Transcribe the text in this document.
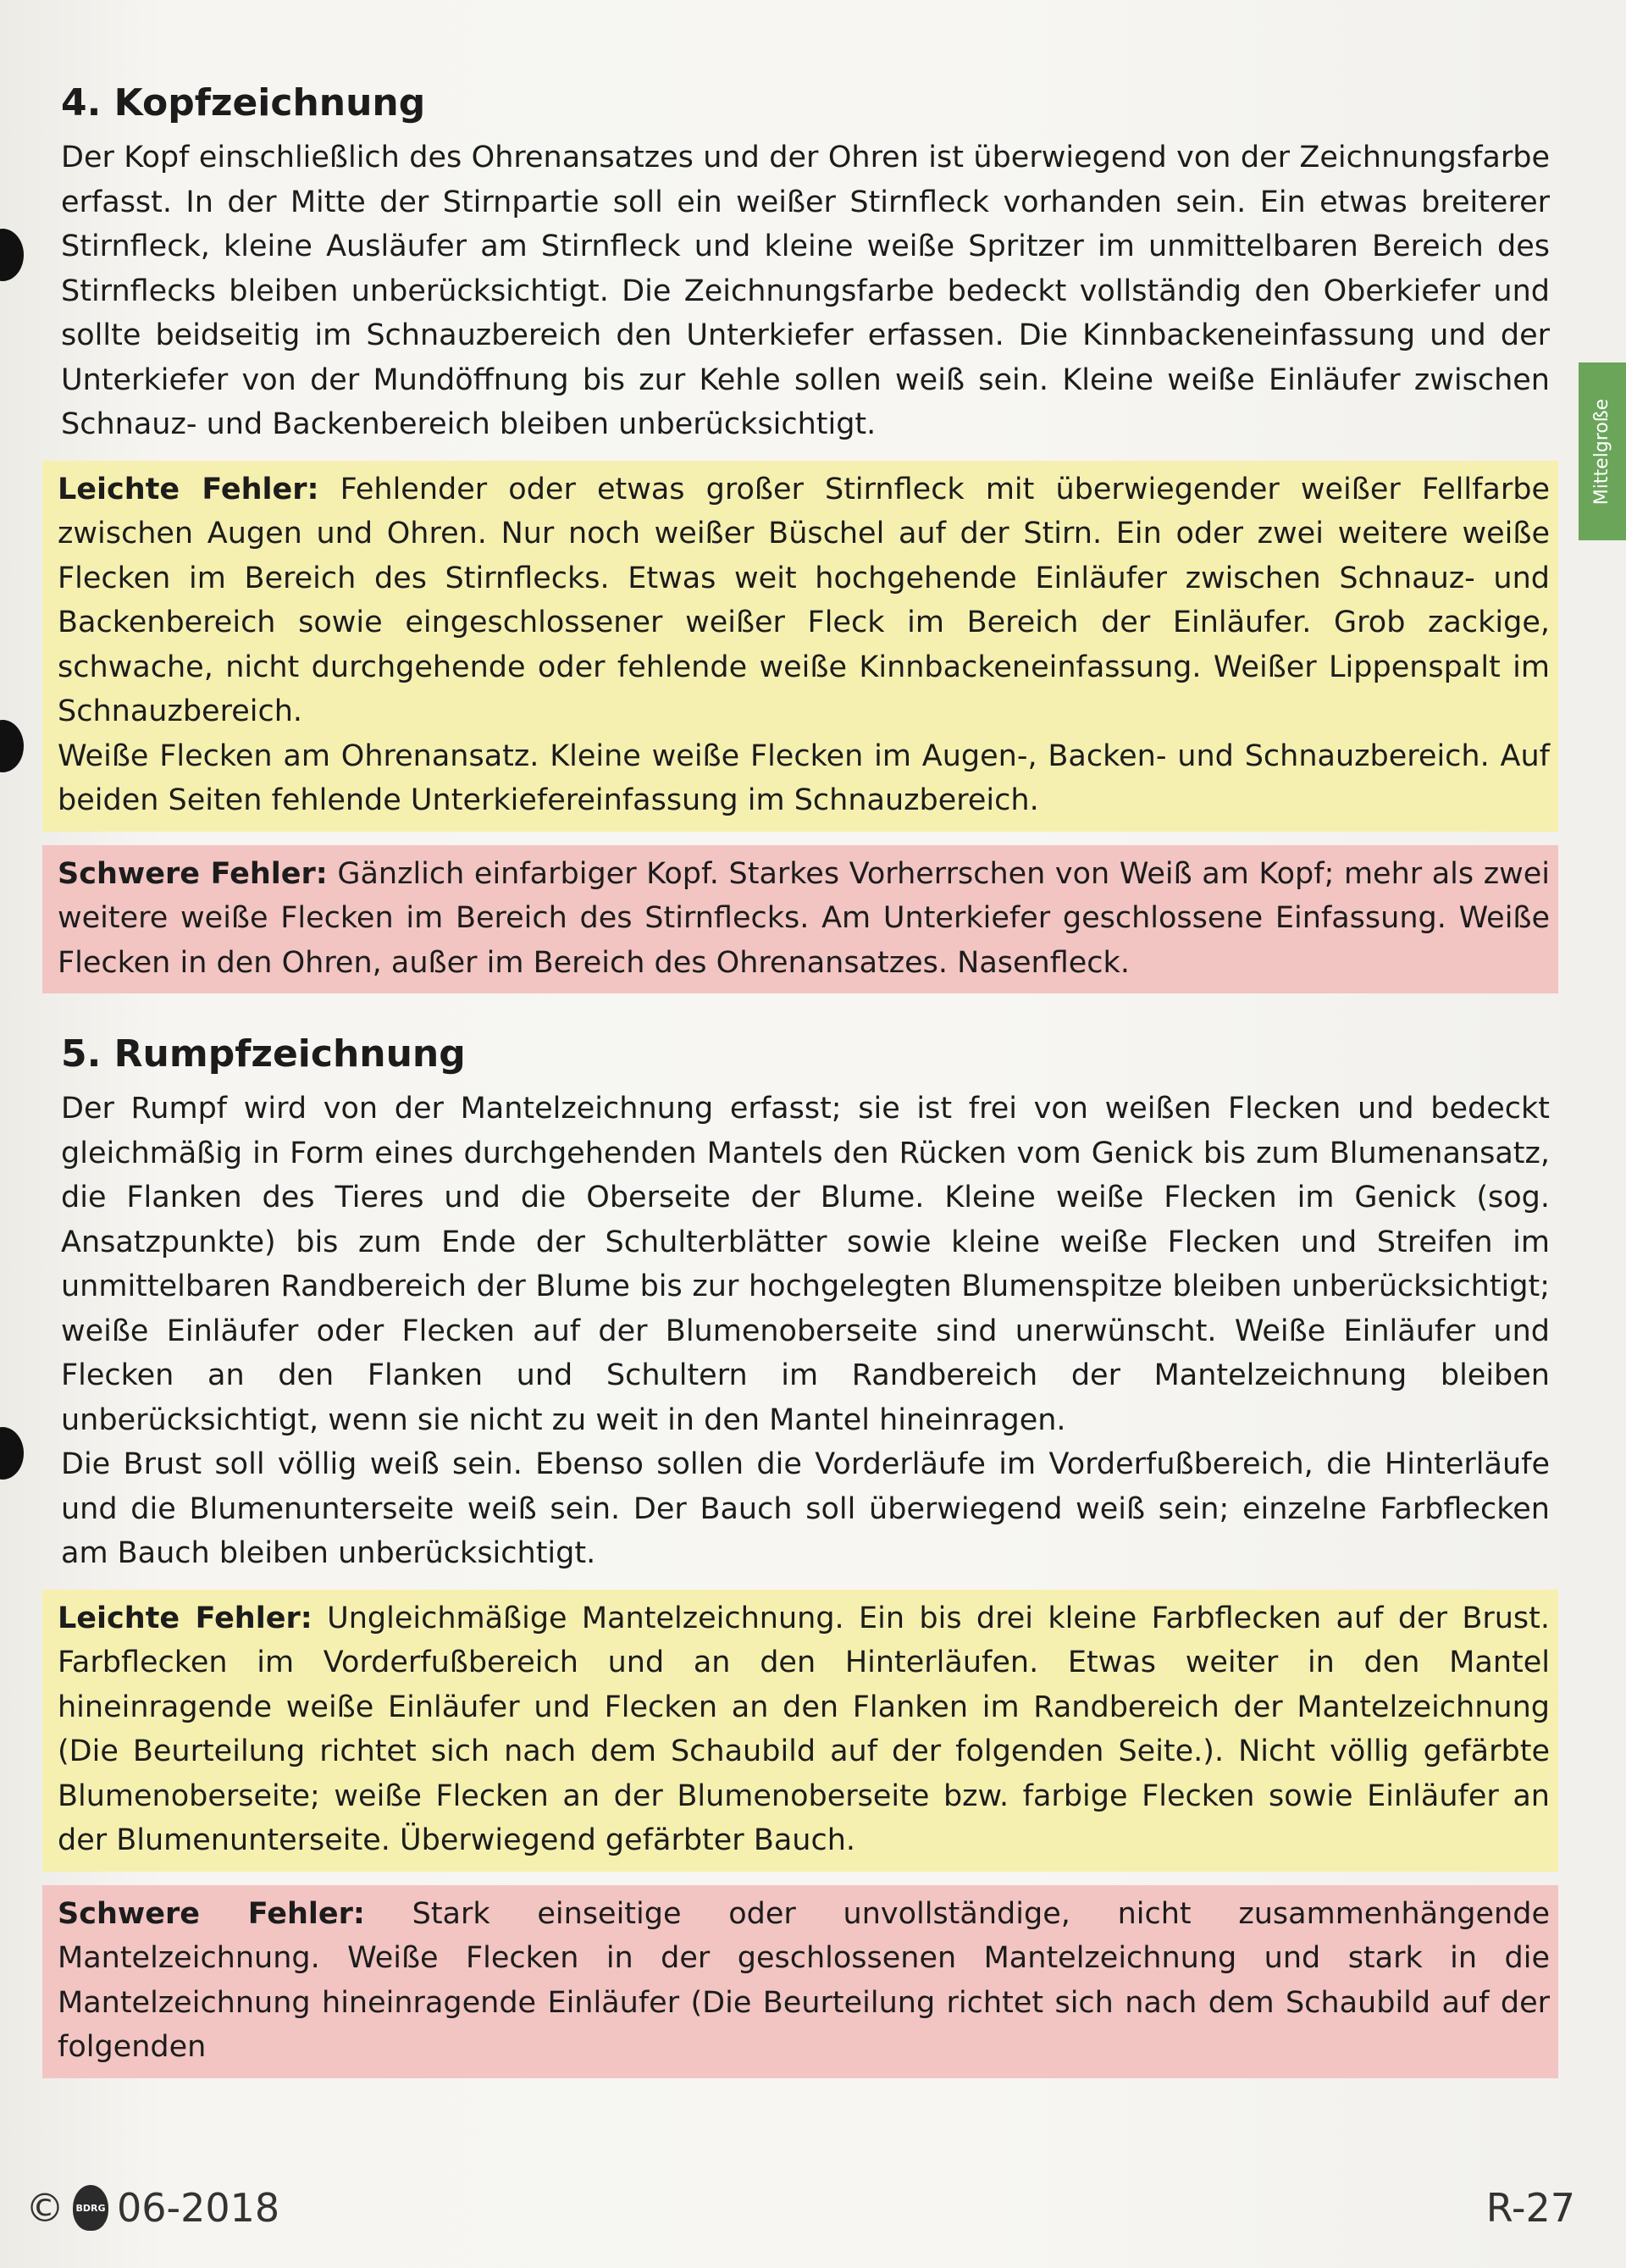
Mittelgroße
4. Kopfzeichnung

Der Kopf einschließlich des Ohrenansatzes und der Ohren ist überwiegend von der Zeichnungsfarbe erfasst. In der Mitte der Stirnpartie soll ein weißer Stirnfleck vorhanden sein. Ein etwas breiterer Stirnfleck, kleine Ausläufer am Stirnfleck und kleine weiße Spritzer im unmittelbaren Bereich des Stirnflecks bleiben unberücksichtigt. Die Zeichnungsfarbe bedeckt vollständig den Oberkiefer und sollte beidseitig im Schnauzbereich den Unterkiefer erfassen. Die Kinnbackeneinfassung und der Unterkiefer von der Mundöffnung bis zur Kehle sollen weiß sein. Kleine weiße Einläufer zwischen Schnauz- und Backenbereich bleiben unberücksichtigt.

Leichte Fehler: Fehlender oder etwas großer Stirnfleck mit überwiegender weißer Fellfarbe zwischen Augen und Ohren. Nur noch weißer Büschel auf der Stirn. Ein oder zwei weitere weiße Flecken im Bereich des Stirnflecks. Etwas weit hochgehende Einläufer zwischen Schnauz- und Backenbereich sowie eingeschlossener weißer Fleck im Bereich der Einläufer. Grob zackige, schwache, nicht durchgehende oder fehlende weiße Kinnbackeneinfassung. Weißer Lippenspalt im Schnauzbereich.

Weiße Flecken am Ohrenansatz. Kleine weiße Flecken im Augen-, Backen- und Schnauzbereich. Auf beiden Seiten fehlende Unterkiefereinfassung im Schnauzbereich.

Schwere Fehler: Gänzlich einfarbiger Kopf. Starkes Vorherrschen von Weiß am Kopf; mehr als zwei weitere weiße Flecken im Bereich des Stirnflecks. Am Unterkiefer geschlossene Einfassung. Weiße Flecken in den Ohren, außer im Bereich des Ohrenansatzes. Nasenfleck.

5. Rumpfzeichnung

Der Rumpf wird von der Mantelzeichnung erfasst; sie ist frei von weißen Flecken und bedeckt gleichmäßig in Form eines durchgehenden Mantels den Rücken vom Genick bis zum Blumenansatz, die Flanken des Tieres und die Oberseite der Blume. Kleine weiße Flecken im Genick (sog. Ansatzpunkte) bis zum Ende der Schulterblätter sowie kleine weiße Flecken und Streifen im unmittelbaren Randbereich der Blume bis zur hochgelegten Blumenspitze bleiben unberücksichtigt; weiße Einläufer oder Flecken auf der Blumenoberseite sind unerwünscht. Weiße Einläufer und Flecken an den Flanken und Schultern im Randbereich der Mantelzeichnung bleiben unberücksichtigt, wenn sie nicht zu weit in den Mantel hineinragen.

Die Brust soll völlig weiß sein. Ebenso sollen die Vorderläufe im Vorderfußbereich, die Hinterläufe und die Blumenunterseite weiß sein. Der Bauch soll überwiegend weiß sein; einzelne Farbflecken am Bauch bleiben unberücksichtigt.

Leichte Fehler: Ungleichmäßige Mantelzeichnung. Ein bis drei kleine Farbflecken auf der Brust. Farbflecken im Vorderfußbereich und an den Hinterläufen. Etwas weiter in den Mantel hineinragende weiße Einläufer und Flecken an den Flanken im Randbereich der Mantelzeichnung (Die Beurteilung richtet sich nach dem Schaubild auf der folgenden Seite.). Nicht völlig gefärbte Blumenoberseite; weiße Flecken an der Blumenoberseite bzw. farbige Flecken sowie Einläufer an der Blumenunterseite. Überwiegend gefärbter Bauch.

Schwere Fehler: Stark einseitige oder unvollständige, nicht zusammenhängende Mantelzeichnung. Weiße Flecken in der geschlossenen Mantelzeichnung und stark in die Mantelzeichnung hineinragende Einläufer (Die Beurteilung richtet sich nach dem Schaubild auf der folgenden

© BDRG 06-2018	R-27
